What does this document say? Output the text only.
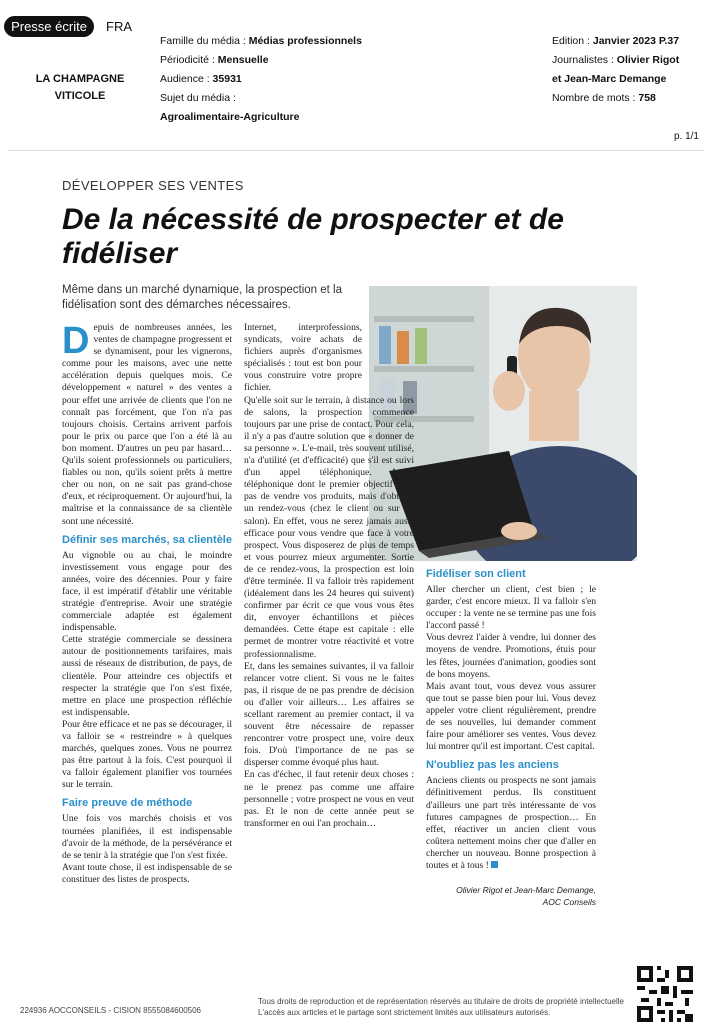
Presse écrite	FRA
LA CHAMPAGNE
VITICOLE
Famille du média : Médias professionnels
Périodicité : Mensuelle
Audience : 35931
Sujet du média :
Agroalimentaire-Agriculture
Edition : Janvier 2023 P.37
Journalistes : Olivier Rigot
et Jean-Marc Demange
Nombre de mots : 758
p. 1/1
DÉVELOPPER SES VENTES
De la nécessité de prospecter et de fidéliser
Même dans un marché dynamique, la prospection et la fidélisation sont des démarches nécessaires.

Depuis de nombreuses années, les ventes de champagne progressent et se dynamisent, pour les vignerons, comme pour les maisons, avec une nette accélération depuis quelques mois. Ce développement « naturel » des ventes a pour effet une arrivée de clients que l'on ne connaît pas forcément, que l'on n'a pas toujours choisis. Certains arrivent parfois pour le prix ou parce que l'on a été là au bon moment. D'autres un peu par hasard… Qu'ils soient professionnels ou particuliers, fiables ou non, qu'ils soient prêts à mettre cher ou non, on ne sait pas grand-chose d'eux, et réciproquement. Or aujourd'hui, la maîtrise et la connaissance de sa clientèle sont une nécessité.

Définir ses marchés, sa clientèle

Au vignoble ou au chai, le moindre investissement vous engage pour des années, voire des décennies. Pour y faire face, il est impératif d'établir une véritable stratégie d'entreprise. Avoir une stratégie commerciale adaptée est également indispensable.

Cette stratégie commerciale se dessinera autour de positionnements tarifaires, mais aussi de réseaux de distribution, de pays, de clientèle. Pour atteindre ces objectifs et respecter la stratégie que l'on s'est fixée, mettre en place une prospection réfléchie est indispensable.

Pour être efficace et ne pas se décourager, il va falloir se « restreindre » à quelques marchés, quelques zones. Vous ne pourrez pas être partout à la fois. C'est pourquoi il va falloir également planifier vos tournées sur le terrain.

Faire preuve de méthode

Une fois vos marchés choisis et vos tournées planifiées, il est indispensable d'avoir de la méthode, de la persévérance et de se tenir à la stratégie que l'on s'est fixée.

Avant toute chose, il est indispensable de se constituer des listes de prospects.

Internet, interprofessions, syndicats, voire achats de fichiers auprès d'organismes spécialisés : tout est bon pour vous construire votre propre fichier.

Qu'elle soit sur le terrain, à distance ou lors de salons, la prospection commence toujours par une prise de contact. Pour cela, il n'y a pas d'autre solution que « donner de sa personne ». L'e-mail, très souvent utilisé, n'a d'utilité (et d'efficacité) que s'il est suivi d'un appel téléphonique. Appel téléphonique dont le premier objectif n'est pas de vendre vos produits, mais d'obtenir un rendez-vous (chez le client ou sur un salon). En effet, vous ne serez jamais aussi efficace pour vous vendre que face à votre prospect. Vous disposerez de plus de temps et vous pourrez mieux argumenter. Sortie de ce rendez-vous, la prospection est loin d'être terminée. Il va falloir très rapidement (idéalement dans les 24 heures qui suivent) confirmer par écrit ce que vous vous êtes dit, envoyer échantillons et pièces demandées. Cette étape est capitale : elle permet de montrer votre réactivité et votre professionnalisme.

Et, dans les semaines suivantes, il va falloir relancer votre client. Si vous ne le faites pas, il risque de ne pas prendre de décision ou d'aller voir ailleurs… Les affaires se scellant rarement au premier contact, il va souvent être nécessaire de repasser rencontrer votre prospect une, voire deux fois. D'où l'importance de ne pas se disperser comme évoqué plus haut.

En cas d'échec, il faut retenir deux choses : ne le prenez pas comme une affaire personnelle ; votre prospect ne vous en veut pas. Et le non de cette année peut se transformer en oui l'an prochain…

Fidéliser son client

Aller chercher un client, c'est bien ; le garder, c'est encore mieux. Il va falloir s'en occuper : la vente ne se termine pas une fois l'accord passé !

Vous devrez l'aider à vendre, lui donner des moyens de vendre. Promotions, étuis pour les fêtes, journées d'animation, goodies sont de bons moyens.

Mais avant tout, vous devez vous assurer que tout se passe bien pour lui. Vous devez appeler votre client régulièrement, prendre de ses nouvelles, lui demander comment faire pour améliorer ses ventes. Vous devez lui montrer qu'il est important. C'est capital.

N'oubliez pas les anciens

Anciens clients ou prospects ne sont jamais définitivement perdus. Ils constituent d'ailleurs une part très intéressante de vos futures campagnes de prospection… En effet, réactiver un ancien client vous coûtera nettement moins cher que d'aller en chercher un nouveau. Bonne prospection à toutes et à tous !

Olivier Rigot et Jean-Marc Demange,
AOC Conseils
224936 AOCCONSEILS - CISION 8555084600506
Tous droits de reproduction et de représentation réservés au titulaire de droits de propriété intellectuelle
L'accès aux articles et le partage sont strictement limités aux utilisateurs autorisés.
